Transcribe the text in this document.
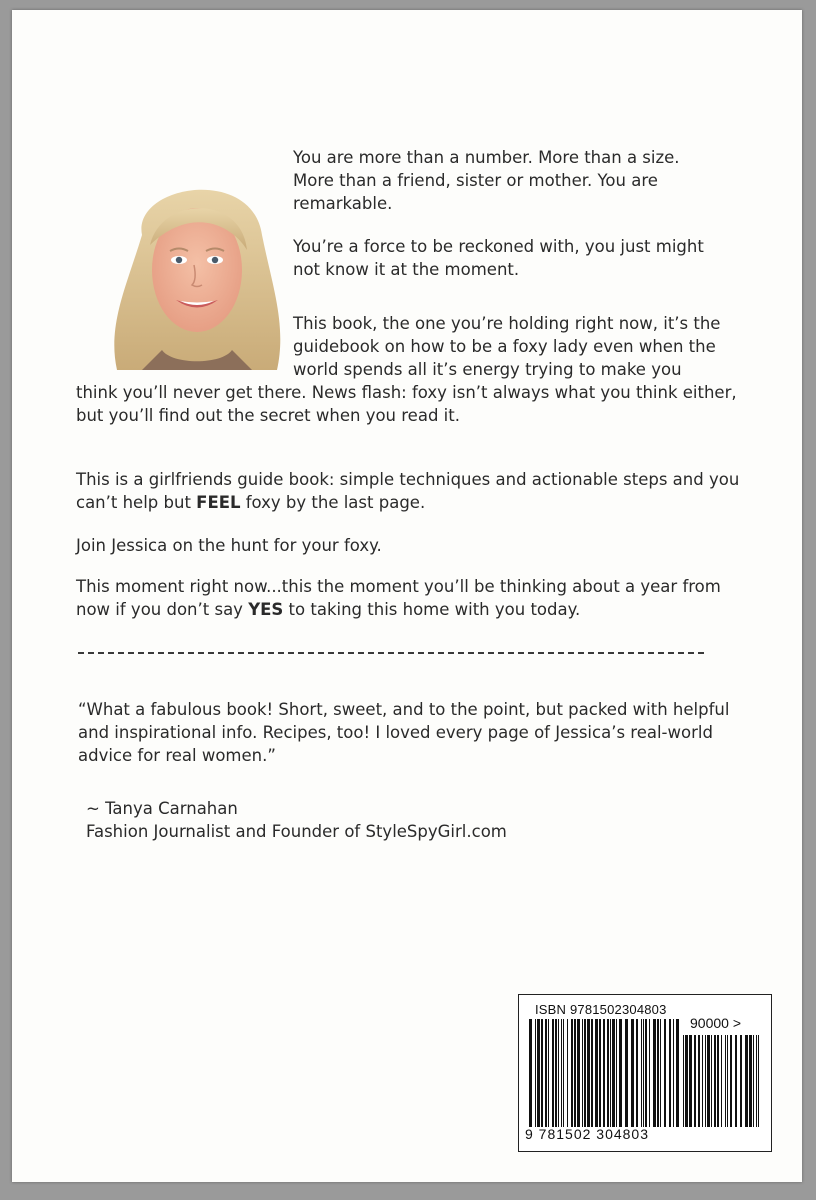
You are more than a number. More than a size. More than a friend, sister or mother. You are remarkable.
You’re a force to be reckoned with, you just might not know it at the moment.
This book, the one you’re holding right now, it’s the guidebook on how to be a foxy lady even when the world spends all it’s energy trying to make you
think you’ll never get there. News flash: foxy isn’t always what you think either, but you’ll find out the secret when you read it.
This is a girlfriends guide book: simple techniques and actionable steps and you can’t help but FEEL foxy by the last page.
Join Jessica on the hunt for your foxy.
This moment right now...this the moment you’ll be thinking about a year from now if you don’t say YES to taking this home with you today.
“What a fabulous book! Short, sweet, and to the point, but packed with helpful and inspirational info. Recipes, too! I loved every page of Jessica’s real-world advice for real women.”
~ Tanya Carnahan
Fashion Journalist and Founder of StyleSpyGirl.com
ISBN 9781502304803
90000 >
9 781502 304803
